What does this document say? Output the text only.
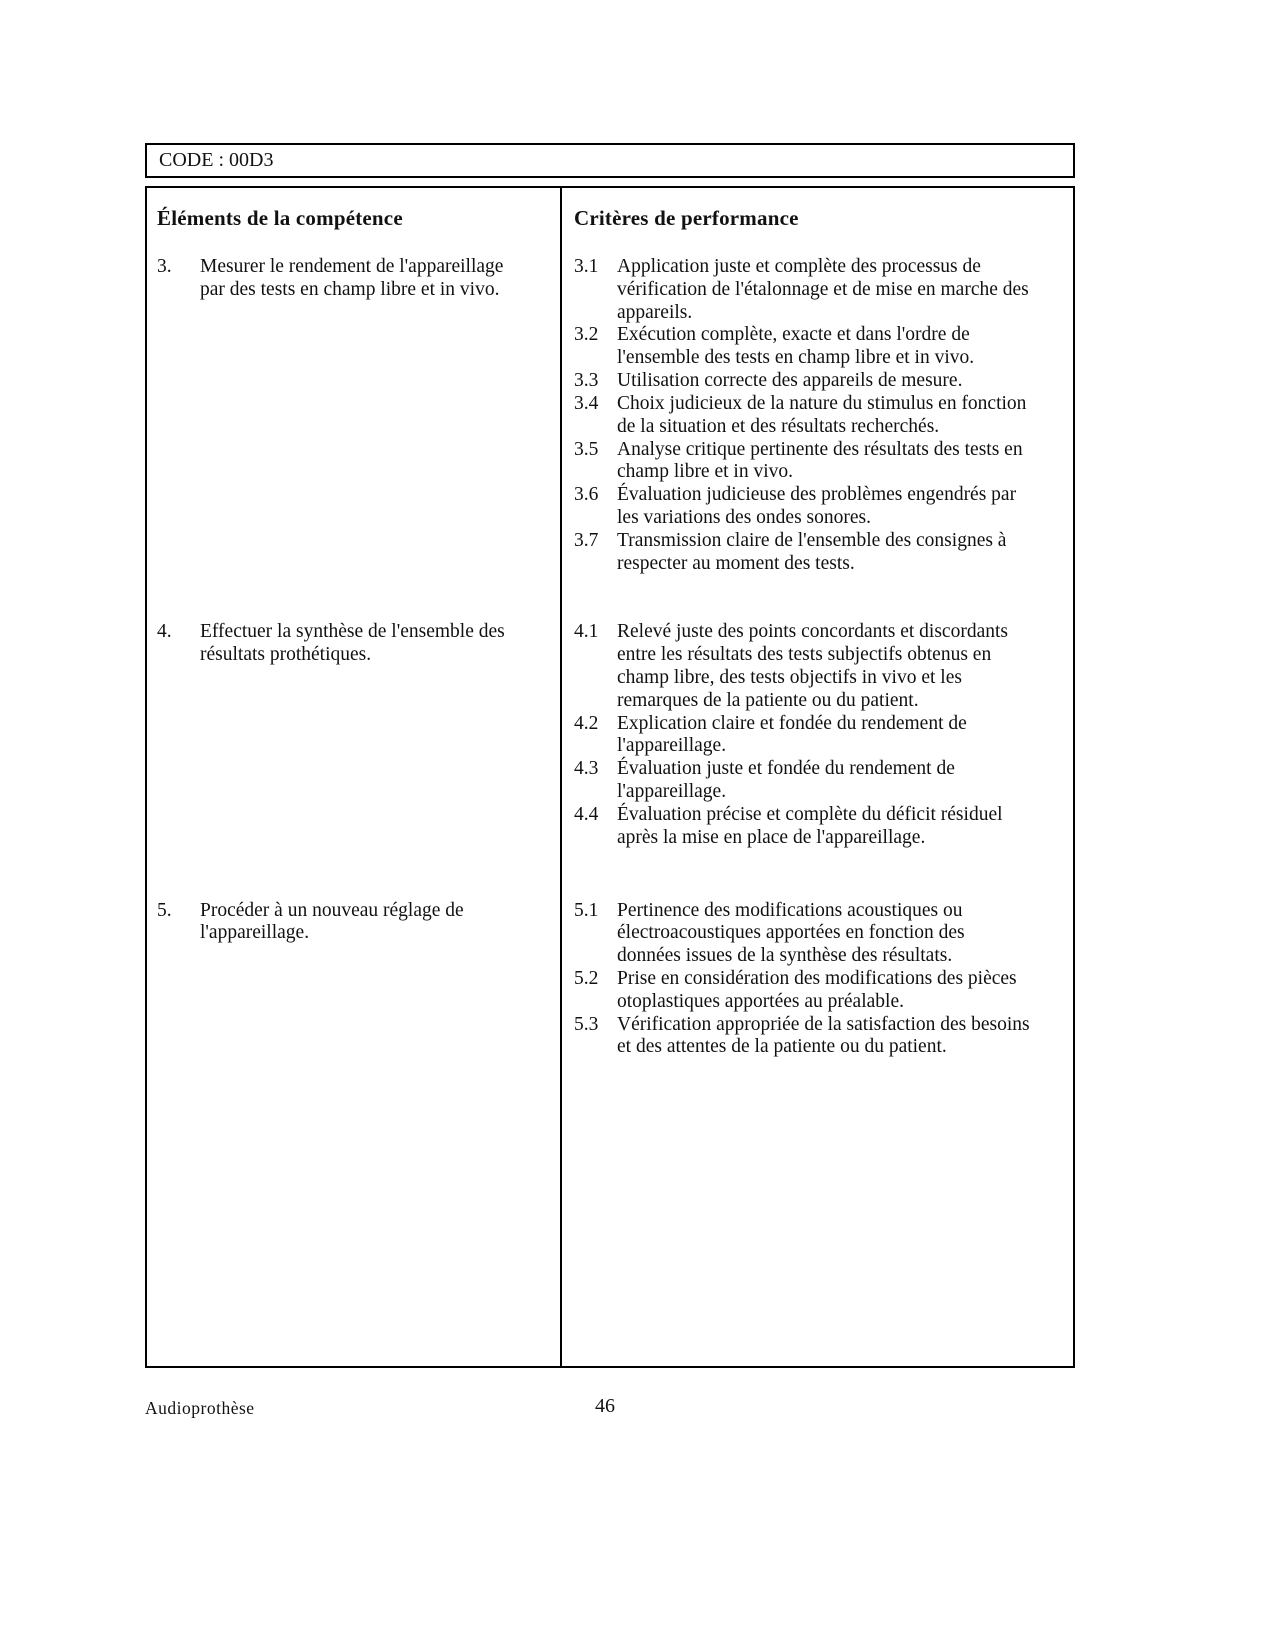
CODE : 00D3
Éléments de la compétence	Critères de performance
3.	Mesurer le rendement de l'appareillage par des tests en champ libre et in vivo.
3.1 Application juste et complète des processus de vérification de l'étalonnage et de mise en marche des appareils.
3.2 Exécution complète, exacte et dans l'ordre de l'ensemble des tests en champ libre et in vivo.
3.3 Utilisation correcte des appareils de mesure.
3.4 Choix judicieux de la nature du stimulus en fonction de la situation et des résultats recherchés.
3.5 Analyse critique pertinente des résultats des tests en champ libre et in vivo.
3.6 Évaluation judicieuse des problèmes engendrés par les variations des ondes sonores.
3.7 Transmission claire de l'ensemble des consignes à respecter au moment des tests.
4.	Effectuer la synthèse de l'ensemble des résultats prothétiques.
4.1 Relevé juste des points concordants et discordants entre les résultats des tests subjectifs obtenus en champ libre, des tests objectifs in vivo et les remarques de la patiente ou du patient.
4.2 Explication claire et fondée du rendement de l'appareillage.
4.3 Évaluation juste et fondée du rendement de l'appareillage.
4.4 Évaluation précise et complète du déficit résiduel après la mise en place de l'appareillage.
5.	Procéder à un nouveau réglage de l'appareillage.
5.1 Pertinence des modifications acoustiques ou électroacoustiques apportées en fonction des données issues de la synthèse des résultats.
5.2 Prise en considération des modifications des pièces otoplastiques apportées au préalable.
5.3 Vérification appropriée de la satisfaction des besoins et des attentes de la patiente ou du patient.
Audioprothèse	46
